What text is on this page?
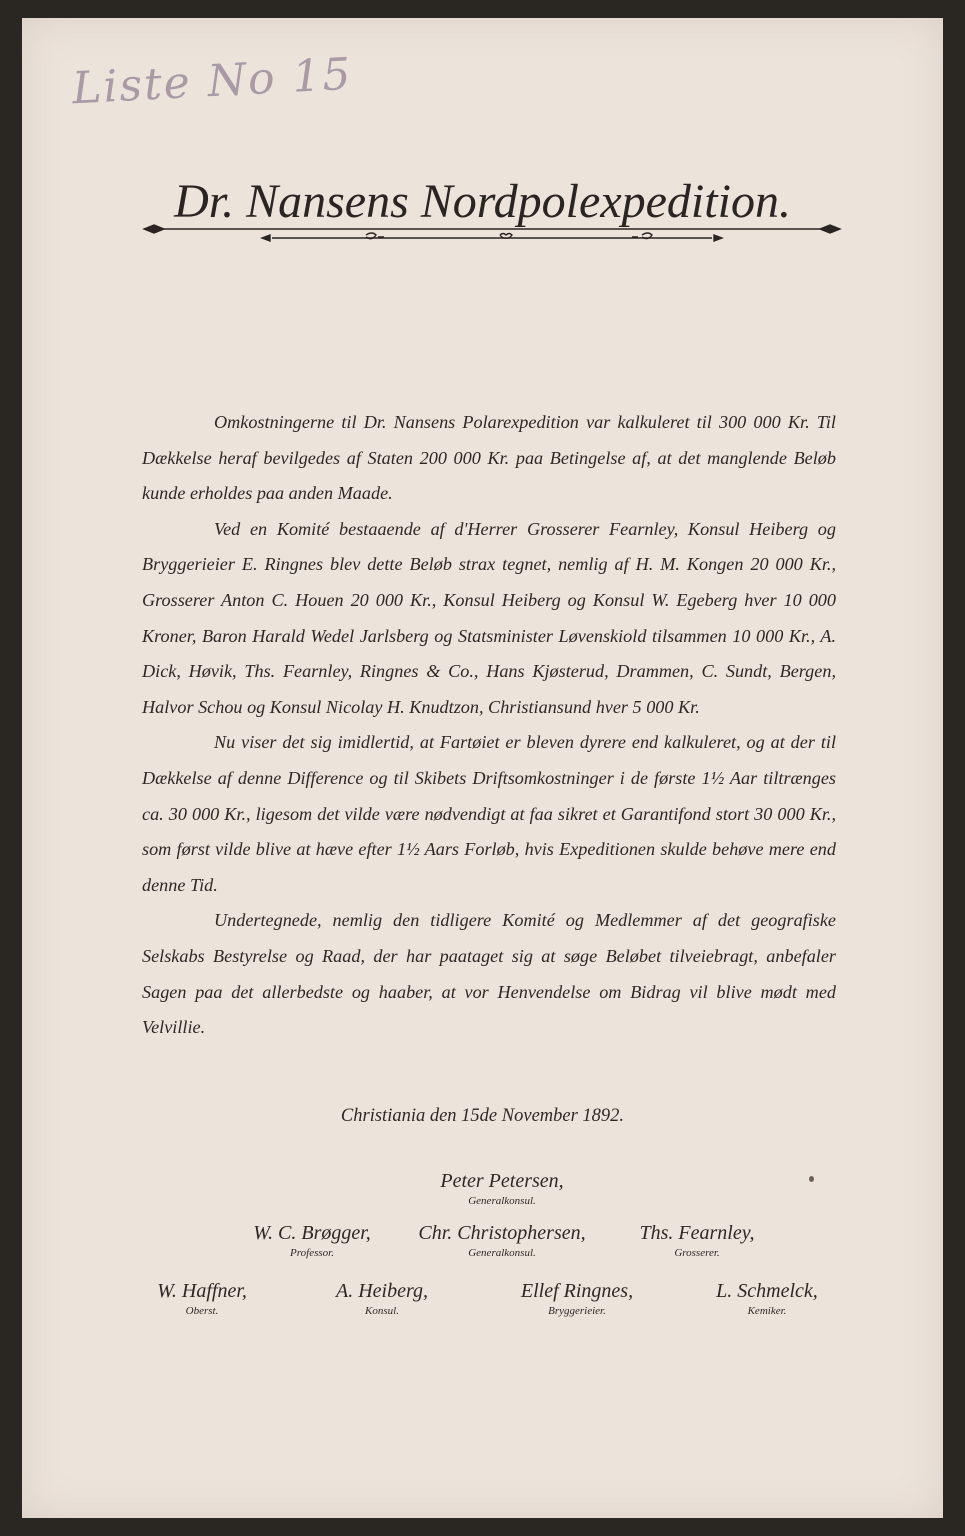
Liste No 15
Dr. Nansens Nordpolexpedition.

Omkostningerne til Dr. Nansens Polarexpedition var kalkuleret til 300 000 Kr. Til Dækkelse heraf bevilgedes af Staten 200 000 Kr. paa Betingelse af, at det manglende Beløb kunde erholdes paa anden Maade.

Ved en Komité bestaaende af d'Herrer Grosserer Fearnley, Konsul Heiberg og Bryggerieier E. Ringnes blev dette Beløb strax tegnet, nemlig af H. M. Kongen 20 000 Kr., Grosserer Anton C. Houen 20 000 Kr., Konsul Heiberg og Konsul W. Egeberg hver 10 000 Kroner, Baron Harald Wedel Jarlsberg og Statsminister Løvenskiold tilsammen 10 000 Kr., A. Dick, Høvik, Ths. Fearnley, Ringnes & Co., Hans Kjøsterud, Drammen, C. Sundt, Bergen, Halvor Schou og Konsul Nicolay H. Knudtzon, Christiansund hver 5 000 Kr.

Nu viser det sig imidlertid, at Fartøiet er bleven dyrere end kalkuleret, og at der til Dækkelse af denne Difference og til Skibets Driftsomkostninger i de første 1½ Aar tiltrænges ca. 30 000 Kr., ligesom det vilde være nødvendigt at faa sikret et Garantifond stort 30 000 Kr., som først vilde blive at hæve efter 1½ Aars Forløb, hvis Expeditionen skulde behøve mere end denne Tid.

Undertegnede, nemlig den tidligere Komité og Medlemmer af det geografiske Selskabs Bestyrelse og Raad, der har paataget sig at søge Beløbet tilveiebragt, anbefaler Sagen paa det allerbedste og haaber, at vor Henvendelse om Bidrag vil blive mødt med Velvillie.

Christiania den 15de November 1892.
Peter Petersen,
Generalkonsul.
W. C. Brøgger,
Professor.
Chr. Christophersen,
Generalkonsul.
Ths. Fearnley,
Grosserer.
W. Haffner,
Oberst.
A. Heiberg,
Konsul.
Ellef Ringnes,
Bryggerieier.
L. Schmelck,
Kemiker.
